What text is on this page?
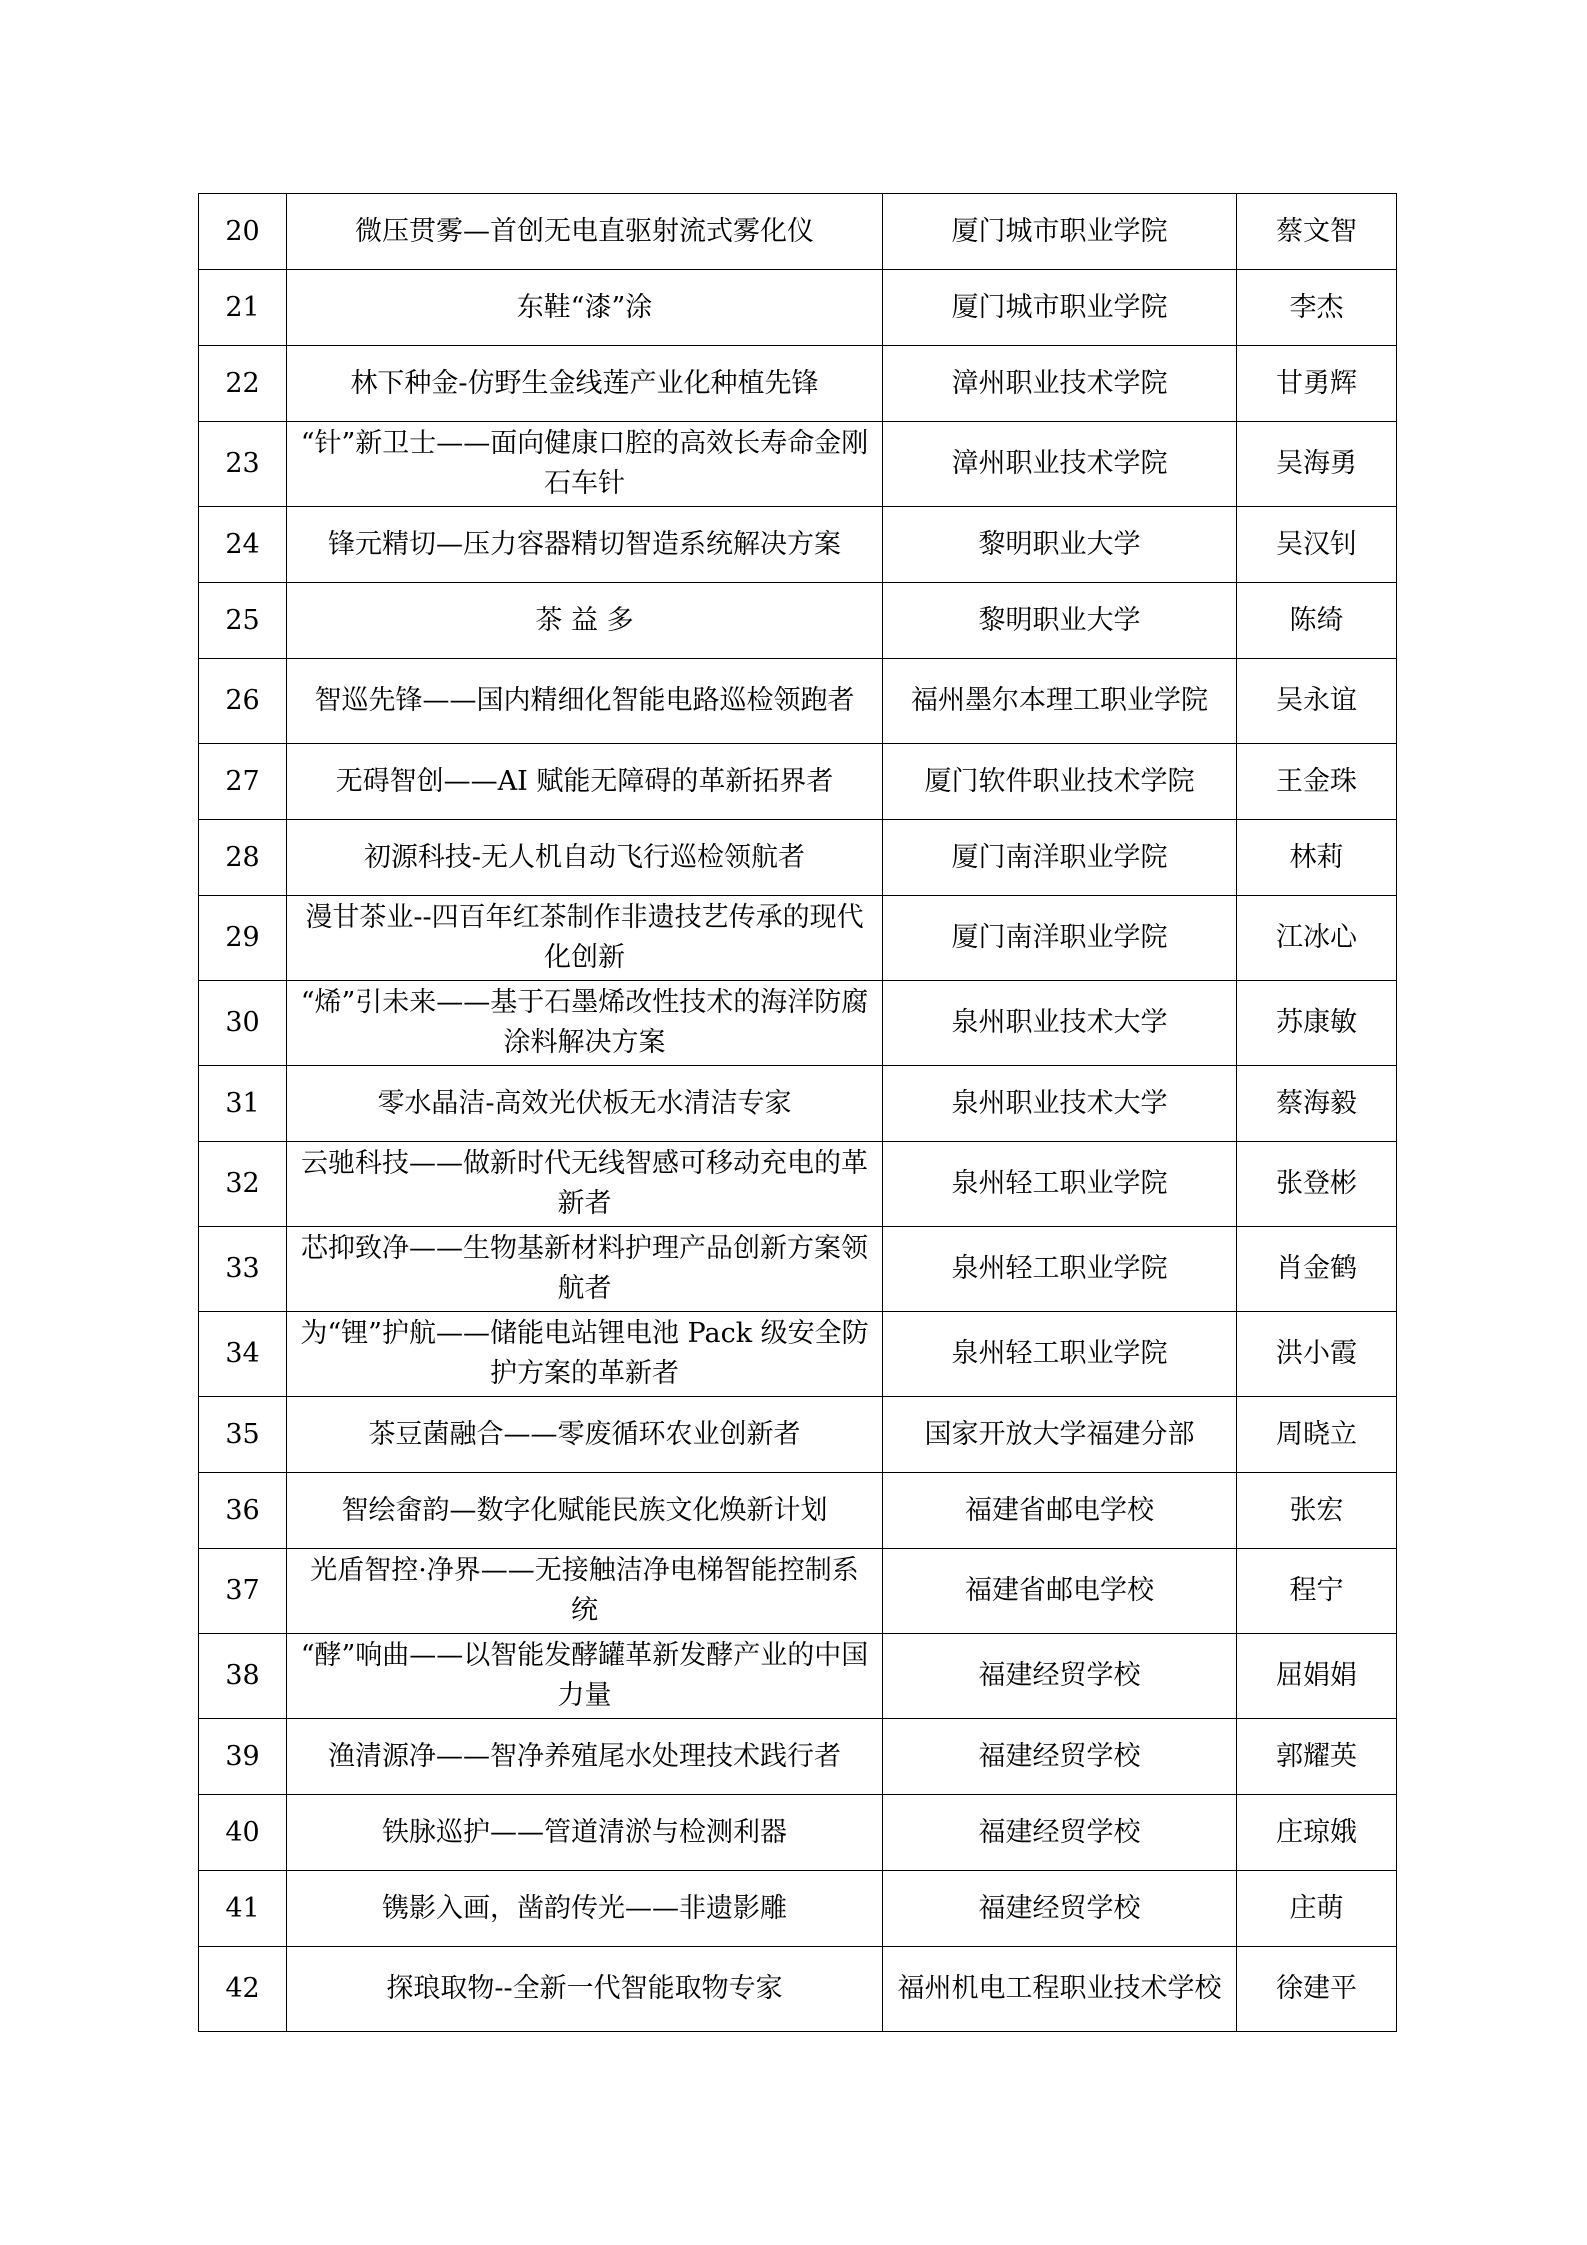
20	微压贯雾—首创无电直驱射流式雾化仪	厦门城市职业学院	蔡文智
21	东鞋“漆”涂	厦门城市职业学院	李杰
22	林下种金-仿野生金线莲产业化种植先锋	漳州职业技术学院	甘勇辉
23	“针”新卫士——面向健康口腔的高效长寿命金刚石车针	漳州职业技术学院	吴海勇
24	锋元精切—压力容器精切智造系统解决方案	黎明职业大学	吴汉钊
25	茶 益 多	黎明职业大学	陈绮
26	智巡先锋——国内精细化智能电路巡检领跑者	福州墨尔本理工职业学院	吴永谊
27	无碍智创——AI 赋能无障碍的革新拓界者	厦门软件职业技术学院	王金珠
28	初源科技-无人机自动飞行巡检领航者	厦门南洋职业学院	林莉
29	漫甘茶业--四百年红茶制作非遗技艺传承的现代化创新	厦门南洋职业学院	江冰心
30	“烯”引未来——基于石墨烯改性技术的海洋防腐涂料解决方案	泉州职业技术大学	苏康敏
31	零水晶洁-高效光伏板无水清洁专家	泉州职业技术大学	蔡海毅
32	云驰科技——做新时代无线智感可移动充电的革新者	泉州轻工职业学院	张登彬
33	芯抑致净——生物基新材料护理产品创新方案领航者	泉州轻工职业学院	肖金鹤
34	为“锂”护航——储能电站锂电池 Pack 级安全防护方案的革新者	泉州轻工职业学院	洪小霞
35	茶豆菌融合——零废循环农业创新者	国家开放大学福建分部	周晓立
36	智绘畲韵—数字化赋能民族文化焕新计划	福建省邮电学校	张宏
37	光盾智控·净界——无接触洁净电梯智能控制系统	福建省邮电学校	程宁
38	“酵”响曲——以智能发酵罐革新发酵产业的中国力量	福建经贸学校	屈娟娟
39	渔清源净——智净养殖尾水处理技术践行者	福建经贸学校	郭耀英
40	铁脉巡护——管道清淤与检测利器	福建经贸学校	庄琼娥
41	镌影入画，凿韵传光——非遗影雕	福建经贸学校	庄萌
42	探琅取物--全新一代智能取物专家	福州机电工程职业技术学校	徐建平
